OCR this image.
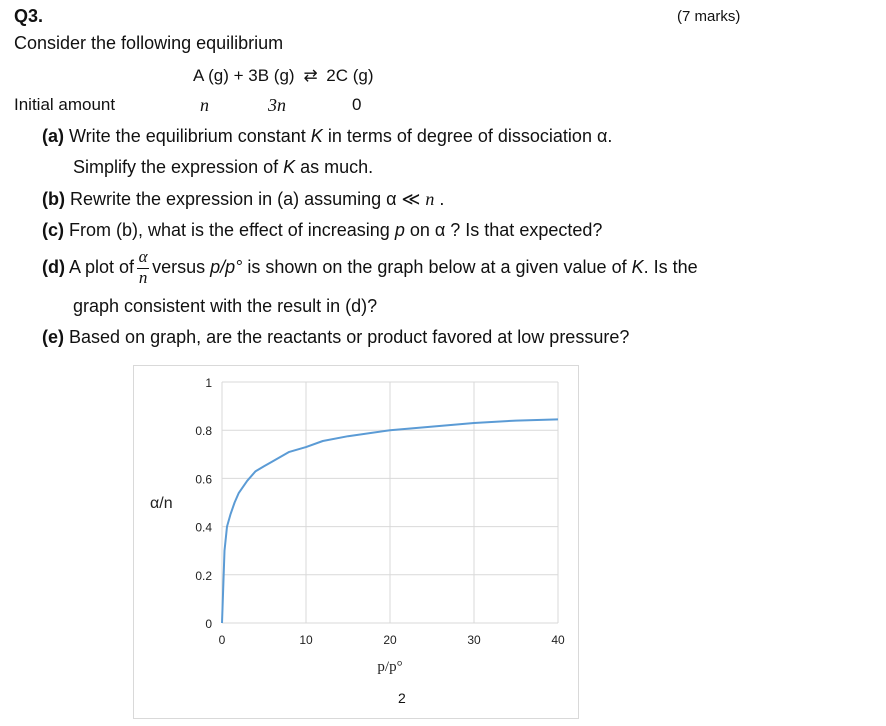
Q3.	(7 marks)
Consider the following equilibrium
A (g) + 3B (g) ⇄ 2C (g)
Initial amount	n	3n	0
(a) Write the equilibrium constant K in terms of degree of dissociation α.
Simplify the expression of K as much.
(b) Rewrite the expression in (a) assuming α ≪ n .
(c) From (b), what is the effect of increasing p on α ? Is that expected?
(d) A plot of $\frac{\alpha}{n}$ versus p/p° is shown on the graph below at a given value of K. Is the
graph consistent with the result in (d)?
(e) Based on graph, are the reactants or product favored at low pressure?
0
0.2
0.4
0.6
0.8
1
0	10	20	30	40
α/n
p/p°
2
